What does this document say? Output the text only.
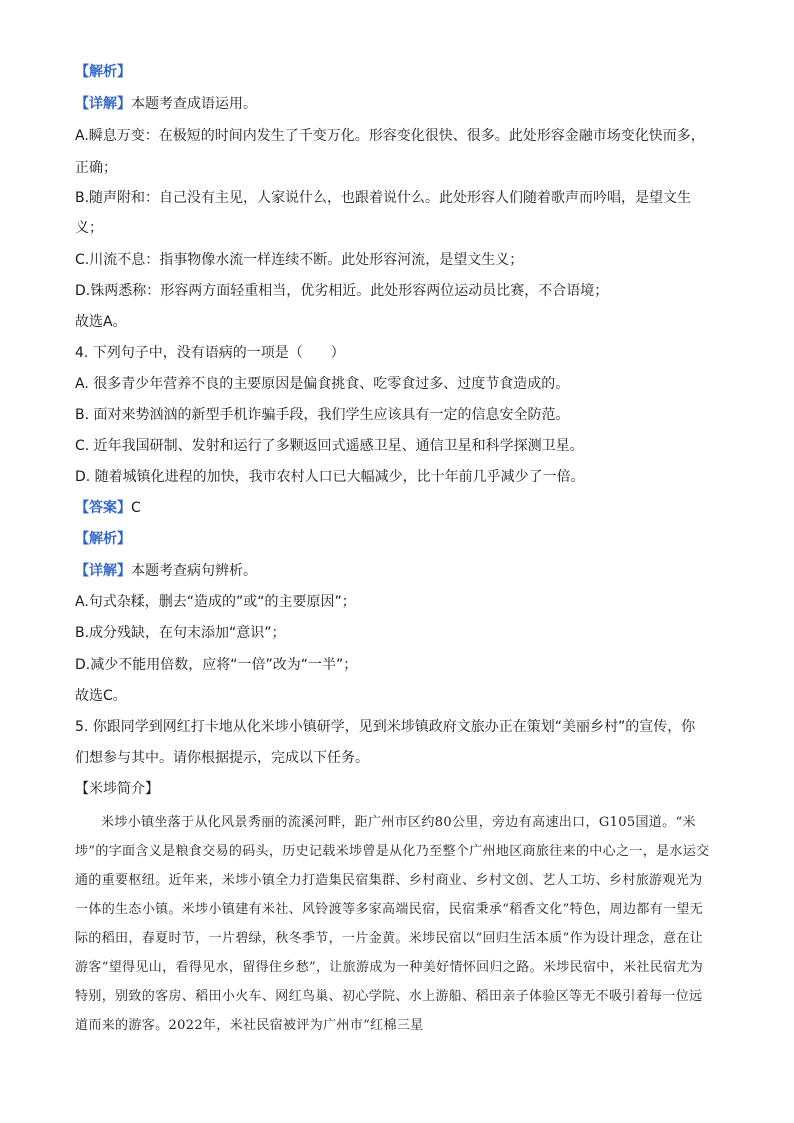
【解析】
【详解】本题考查成语运用。
A.瞬息万变：在极短的时间内发生了千变万化。形容变化很快、很多。此处形容金融市场变化快而多，
正确；
B.随声附和：自己没有主见，人家说什么，也跟着说什么。此处形容人们随着歌声而吟唱，是望文生
义；
C.川流不息：指事物像水流一样连续不断。此处形容河流，是望文生义；
D.铢两悉称：形容两方面轻重相当，优劣相近。此处形容两位运动员比赛，不合语境；
故选A。
4. 下列句子中，没有语病的一项是（　　）
A. 很多青少年营养不良的主要原因是偏食挑食、吃零食过多、过度节食造成的。
B. 面对来势汹汹的新型手机诈骗手段，我们学生应该具有一定的信息安全防范。
C. 近年我国研制、发射和运行了多颗返回式遥感卫星、通信卫星和科学探测卫星。
D. 随着城镇化进程的加快，我市农村人口已大幅减少，比十年前几乎减少了一倍。
【答案】C
【解析】
【详解】本题考查病句辨析。
A.句式杂糅，删去“造成的”或“的主要原因”；
B.成分残缺，在句末添加“意识”；
D.减少不能用倍数，应将“一倍”改为“一半”；
故选C。
5. 你跟同学到网红打卡地从化米埗小镇研学，见到米埗镇政府文旅办正在策划“美丽乡村”的宣传，你
们想参与其中。请你根据提示，完成以下任务。
【米埗简介】

米埗小镇坐落于从化风景秀丽的流溪河畔，距广州市区约80公里，旁边有高速出口，G105国道。“米埗”的字面含义是粮食交易的码头，历史记载米埗曾是从化乃至整个广州地区商旅往来的中心之一，是水运交通的重要枢纽。近年来，米埗小镇全力打造集民宿集群、乡村商业、乡村文创、艺人工坊、乡村旅游观光为一体的生态小镇。米埗小镇建有米社、风铃渡等多家高端民宿，民宿秉承“稻香文化”特色，周边都有一望无际的稻田，春夏时节，一片碧绿，秋冬季节，一片金黄。米埗民宿以“回归生活本质”作为设计理念，意在让游客“望得见山，看得见水，留得住乡愁”，让旅游成为一种美好情怀回归之路。米埗民宿中，米社民宿尤为特别，别致的客房、稻田小火车、网红鸟巢、初心学院、水上游船、稻田亲子体验区等无不吸引着每一位远道而来的游客。2022年，米社民宿被评为广州市“红棉三星
